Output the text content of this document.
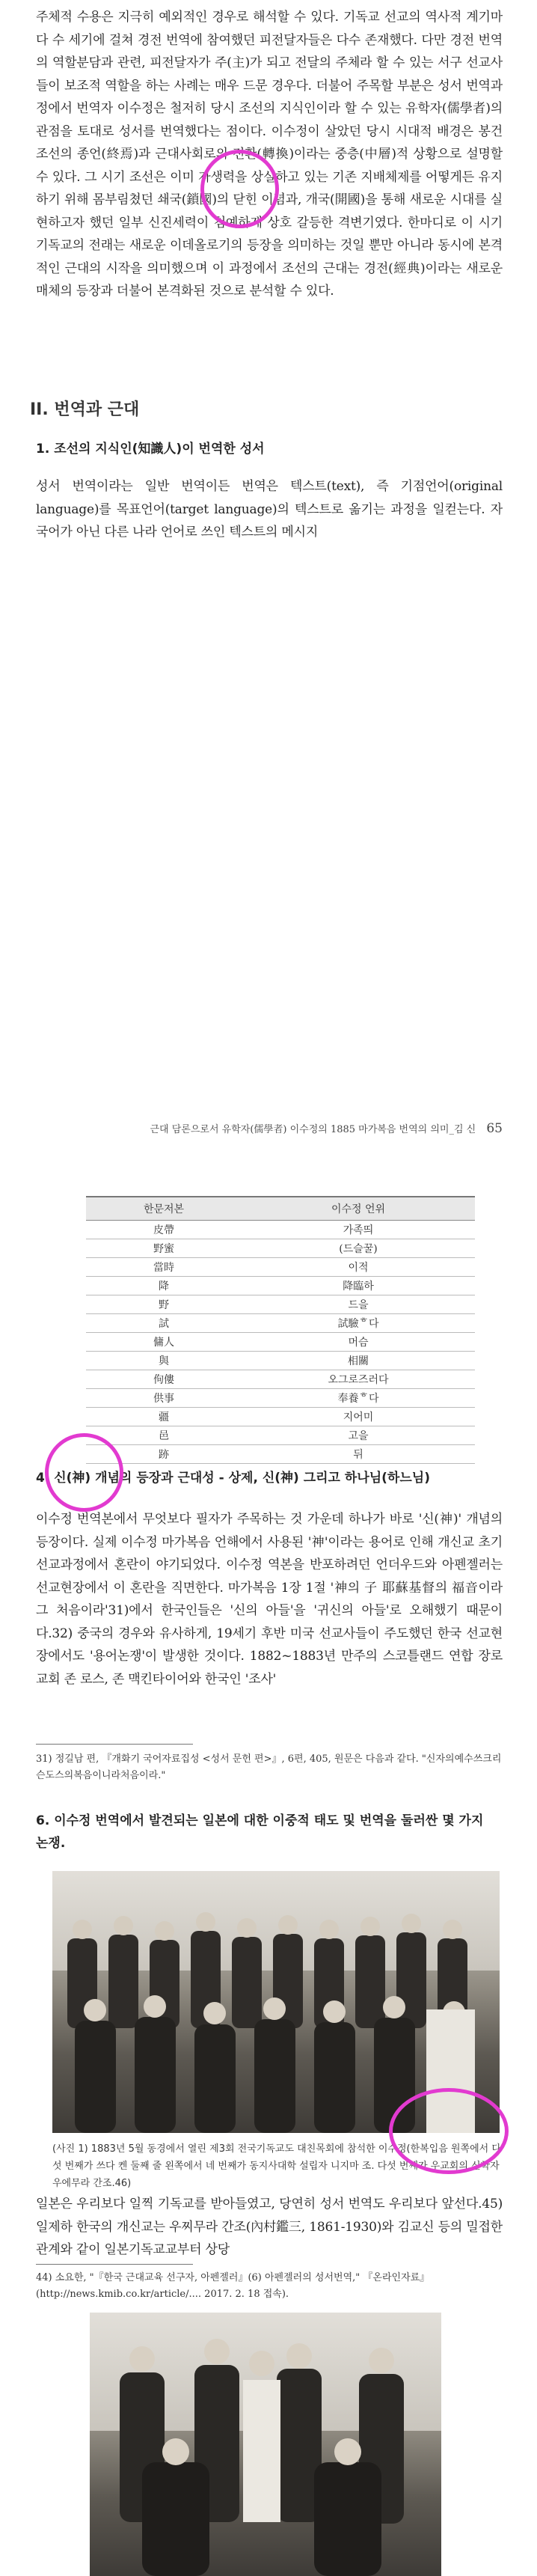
주체적 수용은 지극히 예외적인 경우로 해석할 수 있다. 기독교 선교의 역사적 계기마다 수 세기에 걸쳐 경전 번역에 참여했던 피전달자들은 다수 존재했다. 다만 경전 번역의 역할분담과 관련, 피전달자가 주(主)가 되고 전달의 주체라 할 수 있는 서구 선교사들이 보조적 역할을 하는 사례는 매우 드문 경우다. 더불어 주목할 부분은 성서 번역과정에서 번역자 이수정은 철저히 당시 조선의 지식인이라 할 수 있는 유학자(儒學者)의 관점을 토대로 성서를 번역했다는 점이다. 이수정이 살았던 당시 시대적 배경은 봉건 조선의 종언(終焉)과 근대사회로의 전환(轉換)이라는 중층(中層)적 상황으로 설명할 수 있다. 그 시기 조선은 이미 자생력을 상실하고 있는 기존 지배체제를 어떻게든 유지하기 위해 몸부림쳤던 쇄국(鎖國)의 닫힌 이념과, 개국(開國)을 통해 새로운 시대를 실현하고자 했던 일부 신진세력이 첨예하게 상호 갈등한 격변기였다. 한마디로 이 시기 기독교의 전래는 새로운 이데올로기의 등장을 의미하는 것일 뿐만 아니라 동시에 본격적인 근대의 시작을 의미했으며 이 과정에서 조선의 근대는 경전(經典)이라는 새로운 매체의 등장과 더불어 본격화된 것으로 분석할 수 있다.

II. 번역과 근대
1. 조선의 지식인(知識人)이 번역한 성서

성서 번역이라는 일반 번역이든 번역은 텍스트(text), 즉 기점언어(original language)를 목표언어(target language)의 텍스트로 옮기는 과정을 일컫는다. 자국어가 아닌 다른 나라 언어로 쓰인 텍스트의 메시지

근대 담론으로서 유학자(儒學者) 이수정의 1885 마가복음 번역의 의미_김 신 65
한문저본	이수정 언위
皮帶	가족띄
野蜜	(드슬꿀)
當時	이적
降	降臨하
野	드을
試	試驗ᄒ다
傭人	머슴
與	相關
佝僂	오그로즈러다
供事	奉養ᄒ다
疆	지어미
邑	고을
跡	뒤
4. 신(神) 개념의 등장과 근대성 - 상제, 신(神) 그리고 하나님(하느님)

이수정 번역본에서 무엇보다 필자가 주목하는 것 가운데 하나가 바로 '신(神)' 개념의 등장이다. 실제 이수정 마가복음 언해에서 사용된 '神'이라는 용어로 인해 개신교 초기 선교과정에서 혼란이 야기되었다. 이수정 역본을 반포하려던 언더우드와 아펜젤러는 선교현장에서 이 혼란을 직면한다. 마가복음 1장 1절 '神의 子 耶蘇基督의 福音이라 그 처음이라'31)에서 한국인들은 '신의 아들'을 '귀신의 아들'로 오해했기 때문이다.32) 중국의 경우와 유사하게, 19세기 후반 미국 선교사들이 주도했던 한국 선교현장에서도 '용어논쟁'이 발생한 것이다. 1882~1883년 만주의 스코틀랜드 연합 장로교회 존 로스, 존 맥킨타이어와 한국인 '조사'

31) 정길남 편, 『개화기 국어자료집성 <성서 문헌 편>』, 6편, 405, 원문은 다음과 같다. "신자의예수쓰크리슨도스의복음이니라처음이라."

6. 이수정 번역에서 발견되는 일본에 대한 이중적 태도 및 번역을 둘러싼 몇 가지 논쟁.

(사진 1) 1883년 5월 동경에서 열린 제3회 전국기독교도 대친목회에 참석한 이수정(한복입음 원쪽에서 다섯 번째가 쓰다 켄 둘째 줄 왼쪽에서 네 번째가 동지사대학 설립자 니지마 조. 다섯 번째가 우교회의 신학자 우에무라 간조.46)

일본은 우리보다 일찍 기독교를 받아들였고, 당연히 성서 번역도 우리보다 앞선다.45) 일제하 한국의 개신교는 우찌무라 간조(內村鑑三, 1861-1930)와 김교신 등의 밀접한 관계와 같이 일본기독교교부터 상당

44) 소요한, "『한국 근대교육 선구자, 아펜젤러』(6) 아펜젤러의 성서번역," 『온라인자료』(http://news.kmib.co.kr/article/.... 2017. 2. 18 접속).
